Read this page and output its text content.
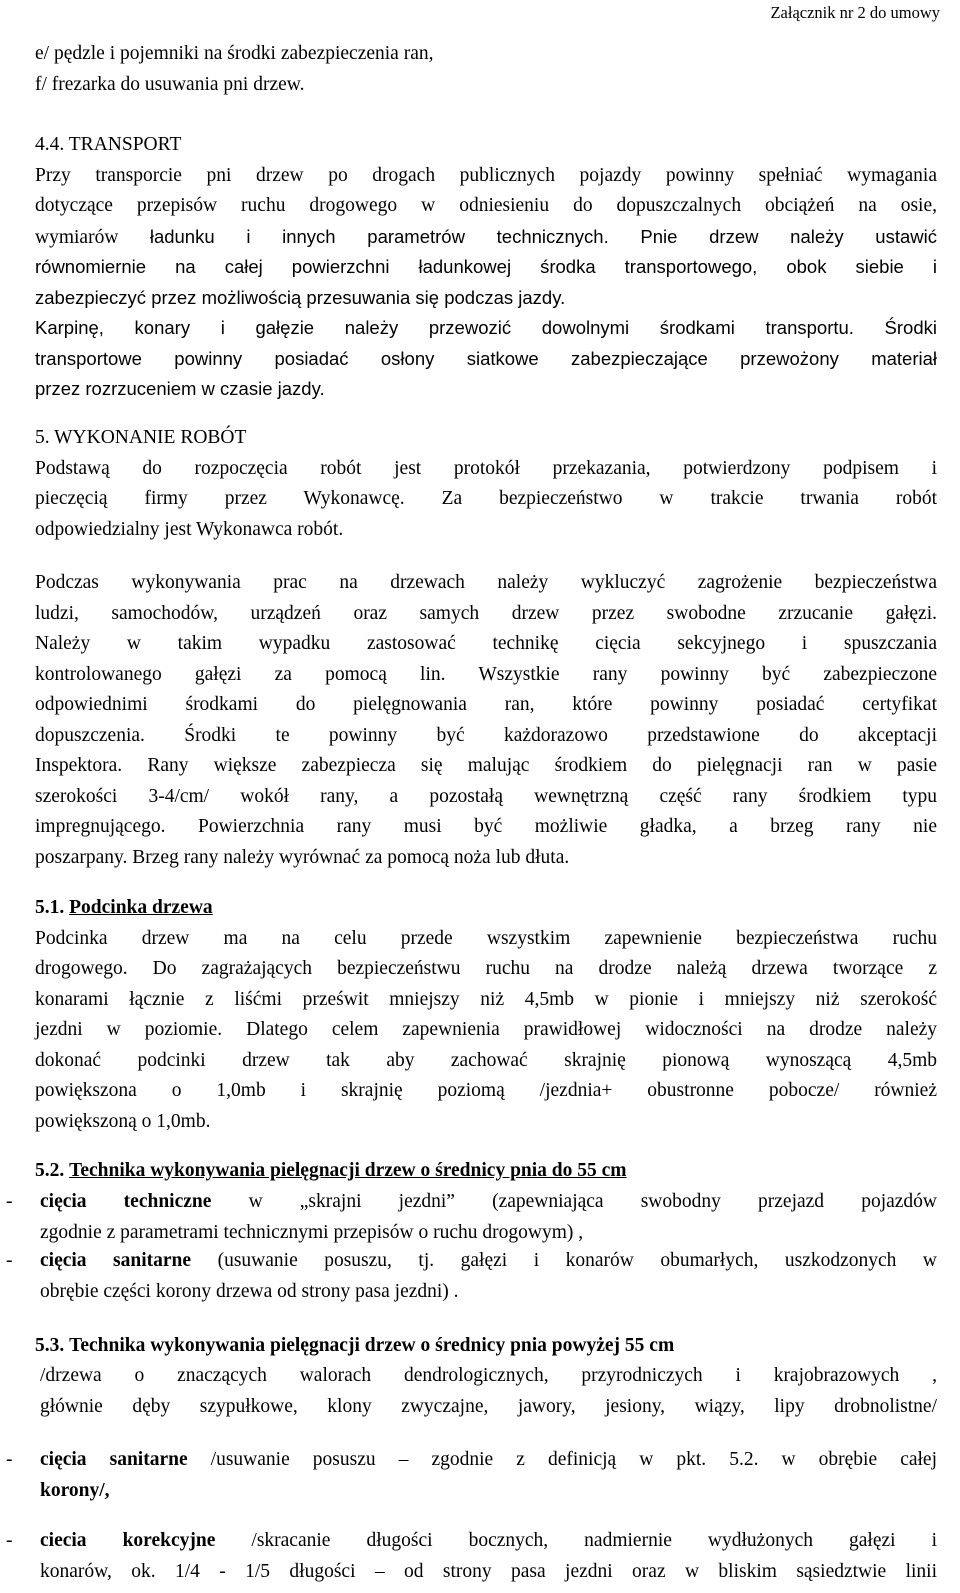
Załącznik nr 2 do umowy
e/ pędzle i pojemniki na środki zabezpieczenia ran,
f/ frezarka do usuwania pni drzew.
4.4. TRANSPORT
Przy transporcie pni drzew po drogach publicznych pojazdy powinny spełniać wymagania
dotyczące przepisów ruchu drogowego w odniesieniu do dopuszczalnych obciążeń na osie,
wymiarów ładunku i innych parametrów technicznych. Pnie drzew należy ustawić
równomiernie na całej powierzchni ładunkowej środka transportowego, obok siebie i
zabezpieczyć przez możliwością przesuwania się podczas jazdy.
Karpinę, konary i gałęzie należy przewozić dowolnymi środkami transportu. Środki
transportowe powinny posiadać osłony siatkowe zabezpieczające przewożony materiał
przez rozrzuceniem w czasie jazdy.
5. WYKONANIE ROBÓT
Podstawą do rozpoczęcia robót jest protokół przekazania, potwierdzony podpisem i
pieczęcią firmy przez Wykonawcę. Za bezpieczeństwo w trakcie trwania robót
odpowiedzialny jest Wykonawca robót.
Podczas wykonywania prac na drzewach należy wykluczyć zagrożenie bezpieczeństwa
ludzi, samochodów, urządzeń oraz samych drzew przez swobodne zrzucanie gałęzi.
Należy w takim wypadku zastosować technikę cięcia sekcyjnego i spuszczania
kontrolowanego gałęzi za pomocą lin. Wszystkie rany powinny być zabezpieczone
odpowiednimi środkami do pielęgnowania ran, które powinny posiadać certyfikat
dopuszczenia. Środki te powinny być każdorazowo przedstawione do akceptacji
Inspektora. Rany większe zabezpiecza się malując środkiem do pielęgnacji ran w pasie
szerokości 3-4/cm/ wokół rany, a pozostałą wewnętrzną część rany środkiem typu
impregnującego. Powierzchnia rany musi być możliwie gładka, a brzeg rany nie
poszarpany. Brzeg rany należy wyrównać za pomocą noża lub dłuta.
5.1. Podcinka drzewa
Podcinka drzew ma na celu przede wszystkim zapewnienie bezpieczeństwa ruchu
drogowego. Do zagrażających bezpieczeństwu ruchu na drodze należą drzewa tworzące z
konarami łącznie z liśćmi prześwit mniejszy niż 4,5mb w pionie i mniejszy niż szerokość
jezdni w poziomie. Dlatego celem zapewnienia prawidłowej widoczności na drodze należy
dokonać podcinki drzew tak aby zachować skrajnię pionową wynoszącą 4,5mb
powiększona o 1,0mb i skrajnię poziomą /jezdnia+ obustronne pobocze/ również
powiększoną o 1,0mb.
5.2. Technika wykonywania pielęgnacji drzew o średnicy pnia do 55 cm
-	cięcia techniczne w „skrajni jezdni” (zapewniająca swobodny przejazd pojazdów
zgodnie z parametrami technicznymi przepisów o ruchu drogowym) ,
-	cięcia sanitarne (usuwanie posuszu, tj. gałęzi i konarów obumarłych, uszkodzonych w
obrębie części korony drzewa od strony pasa jezdni) .
5.3. Technika wykonywania pielęgnacji drzew o średnicy pnia powyżej 55 cm
/drzewa o znaczących walorach dendrologicznych, przyrodniczych i krajobrazowych ,
głównie dęby szypułkowe, klony zwyczajne, jawory, jesiony, wiązy, lipy drobnolistne/
-	cięcia sanitarne /usuwanie posuszu – zgodnie z definicją w pkt. 5.2. w obrębie całej
korony/,
-	ciecia korekcyjne /skracanie długości bocznych, nadmiernie wydłużonych gałęzi i
konarów, ok. 1/4 - 1/5 długości – od strony pasa jezdni oraz w bliskim sąsiedztwie linii
